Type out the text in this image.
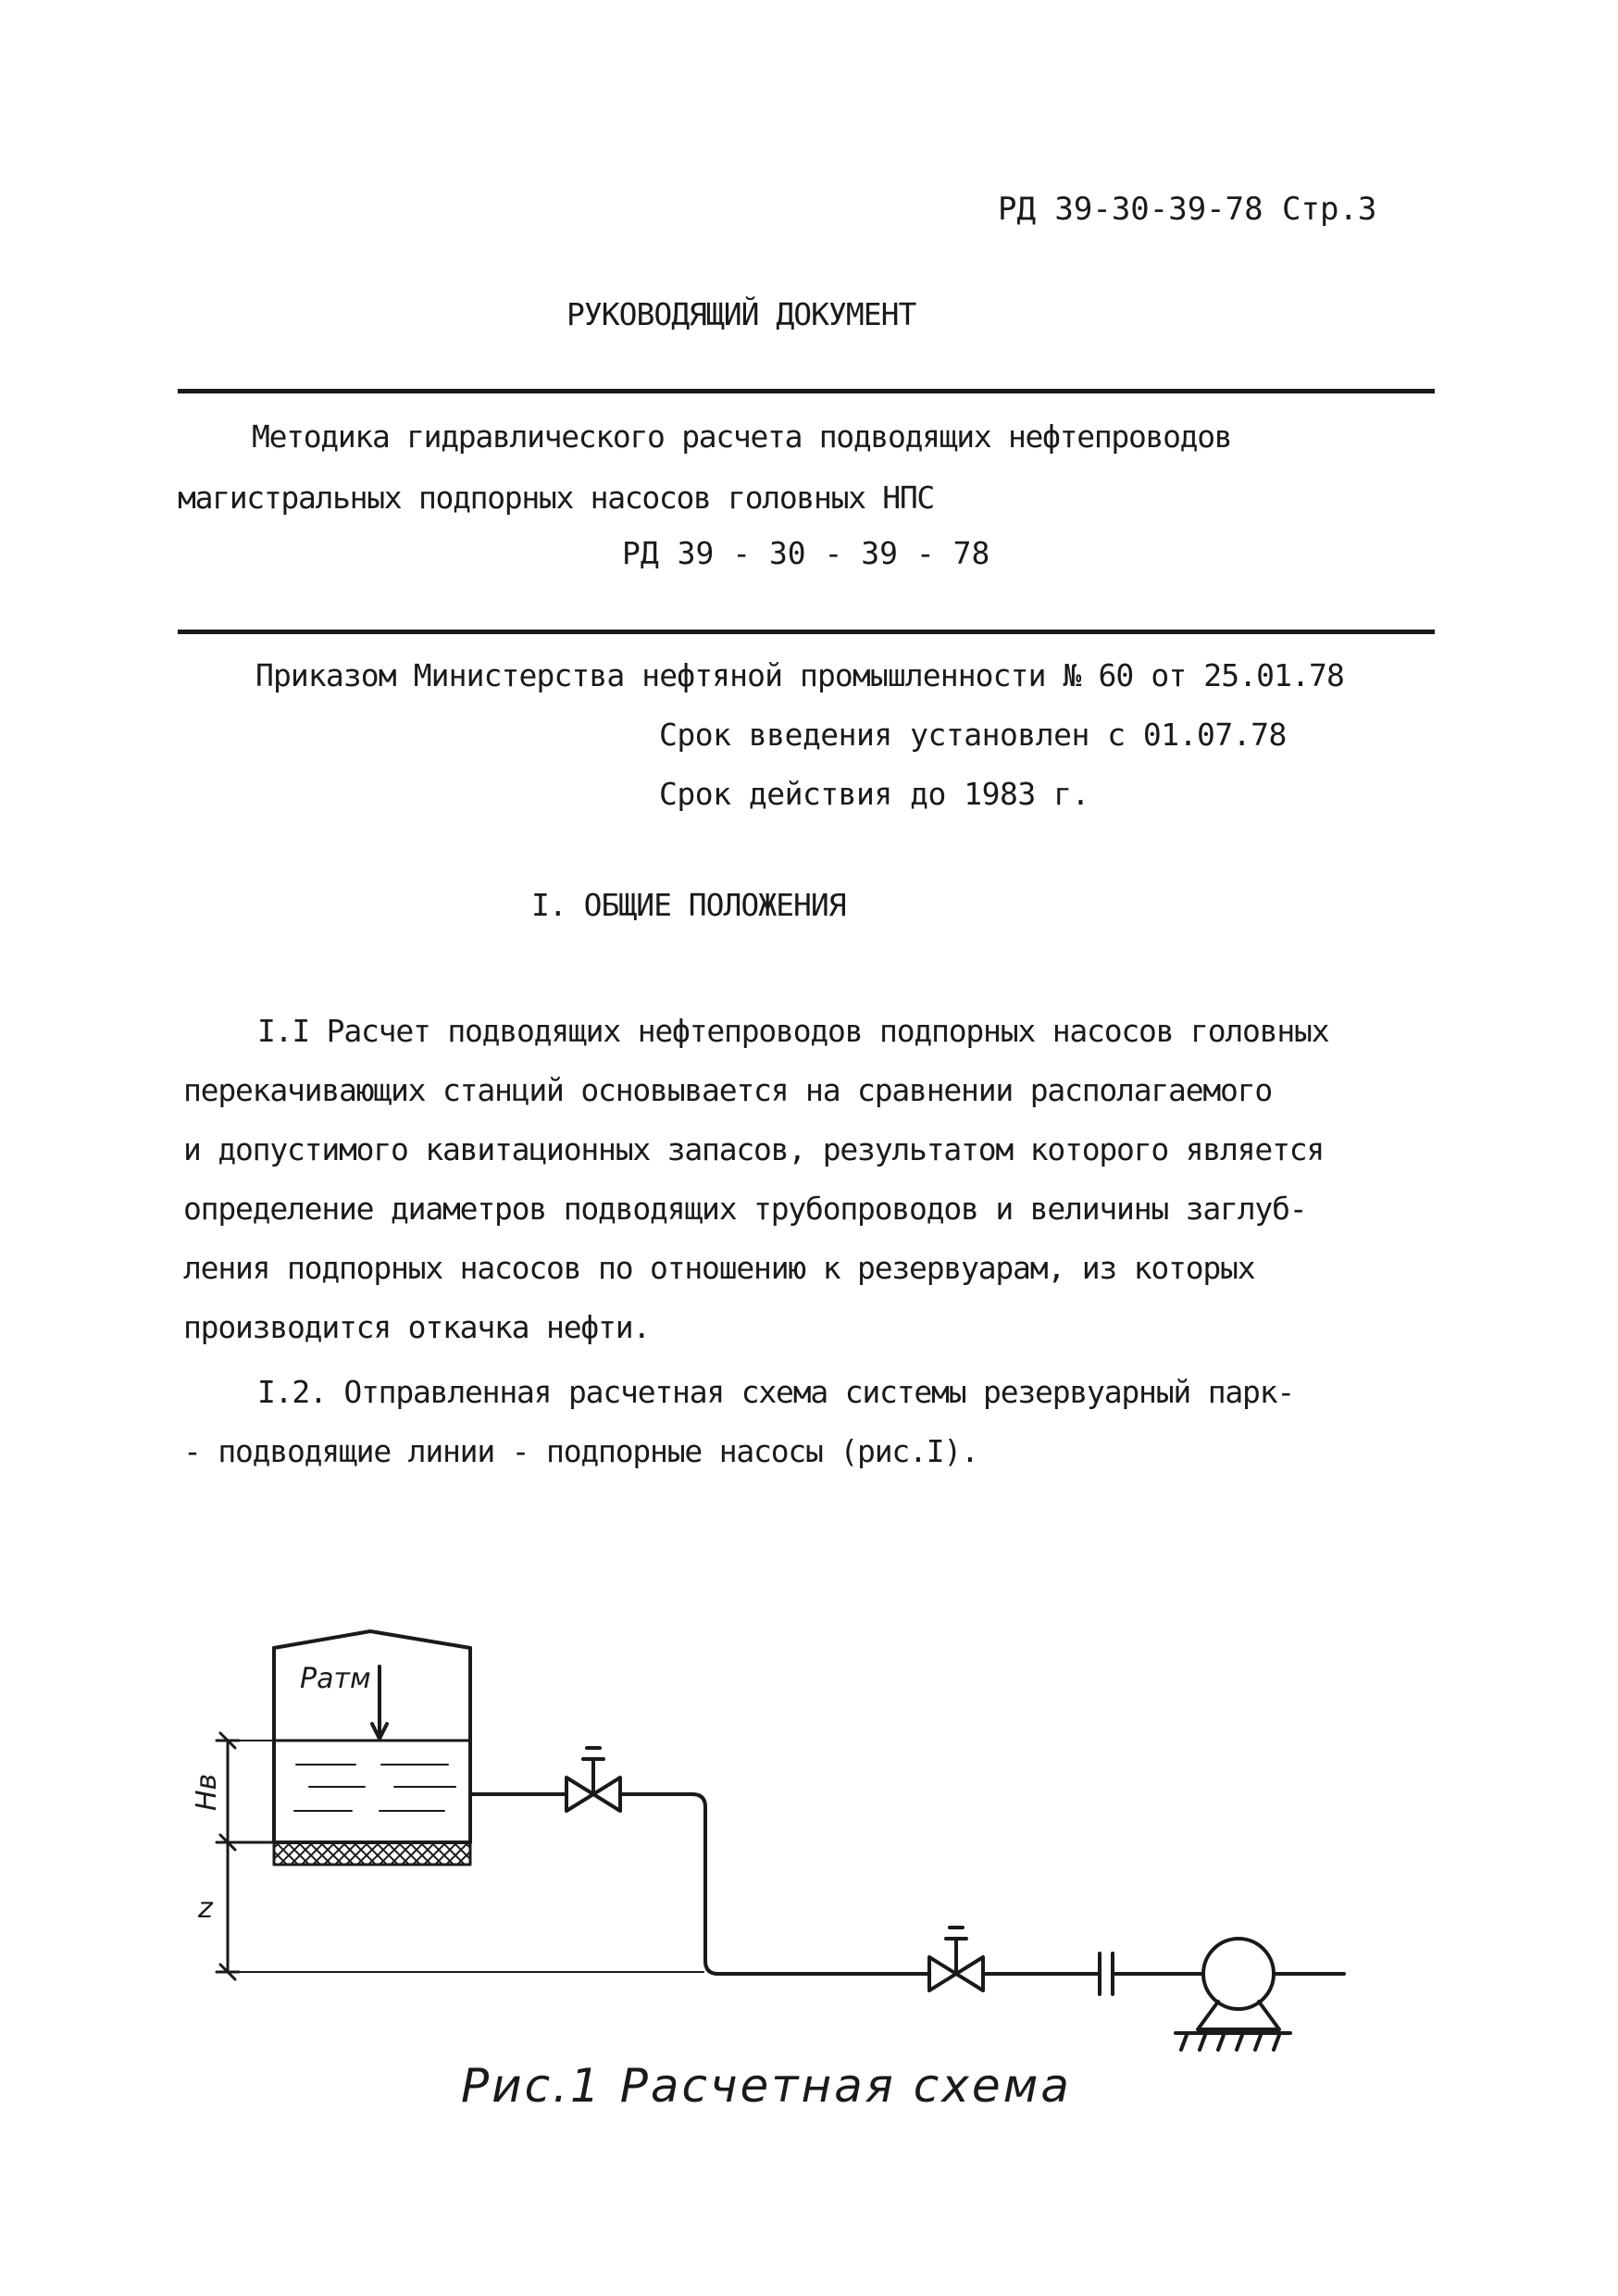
РД 39-30-39-78 Стр.3
РУКОВОДЯЩИЙ ДОКУМЕНТ
Методика гидравлического расчета подводящих нефтепроводов
магистральных подпорных насосов головных НПС
РД 39 - 30 - 39 - 78
Приказом Министерства нефтяной промышленности № 60 от 25.01.78
Срок введения установлен с 01.07.78
Срок действия до 1983 г.
I. ОБЩИЕ ПОЛОЖЕНИЯ
I.I Расчет подводящих нефтепроводов подпорных насосов головных
перекачивающих станций основывается на сравнении располагаемого
и допустимого кавитационных запасов, результатом которого является
определение диаметров подводящих трубопроводов и величины заглуб-
ления подпорных насосов по отношению к резервуарам, из которых
производится откачка нефти.
I.2. Отправленная расчетная схема системы резервуарный парк-
- подводящие линии - подпорные насосы (рис.I).
Pатм
Hв
z
Рис.1 Расчетная схема
